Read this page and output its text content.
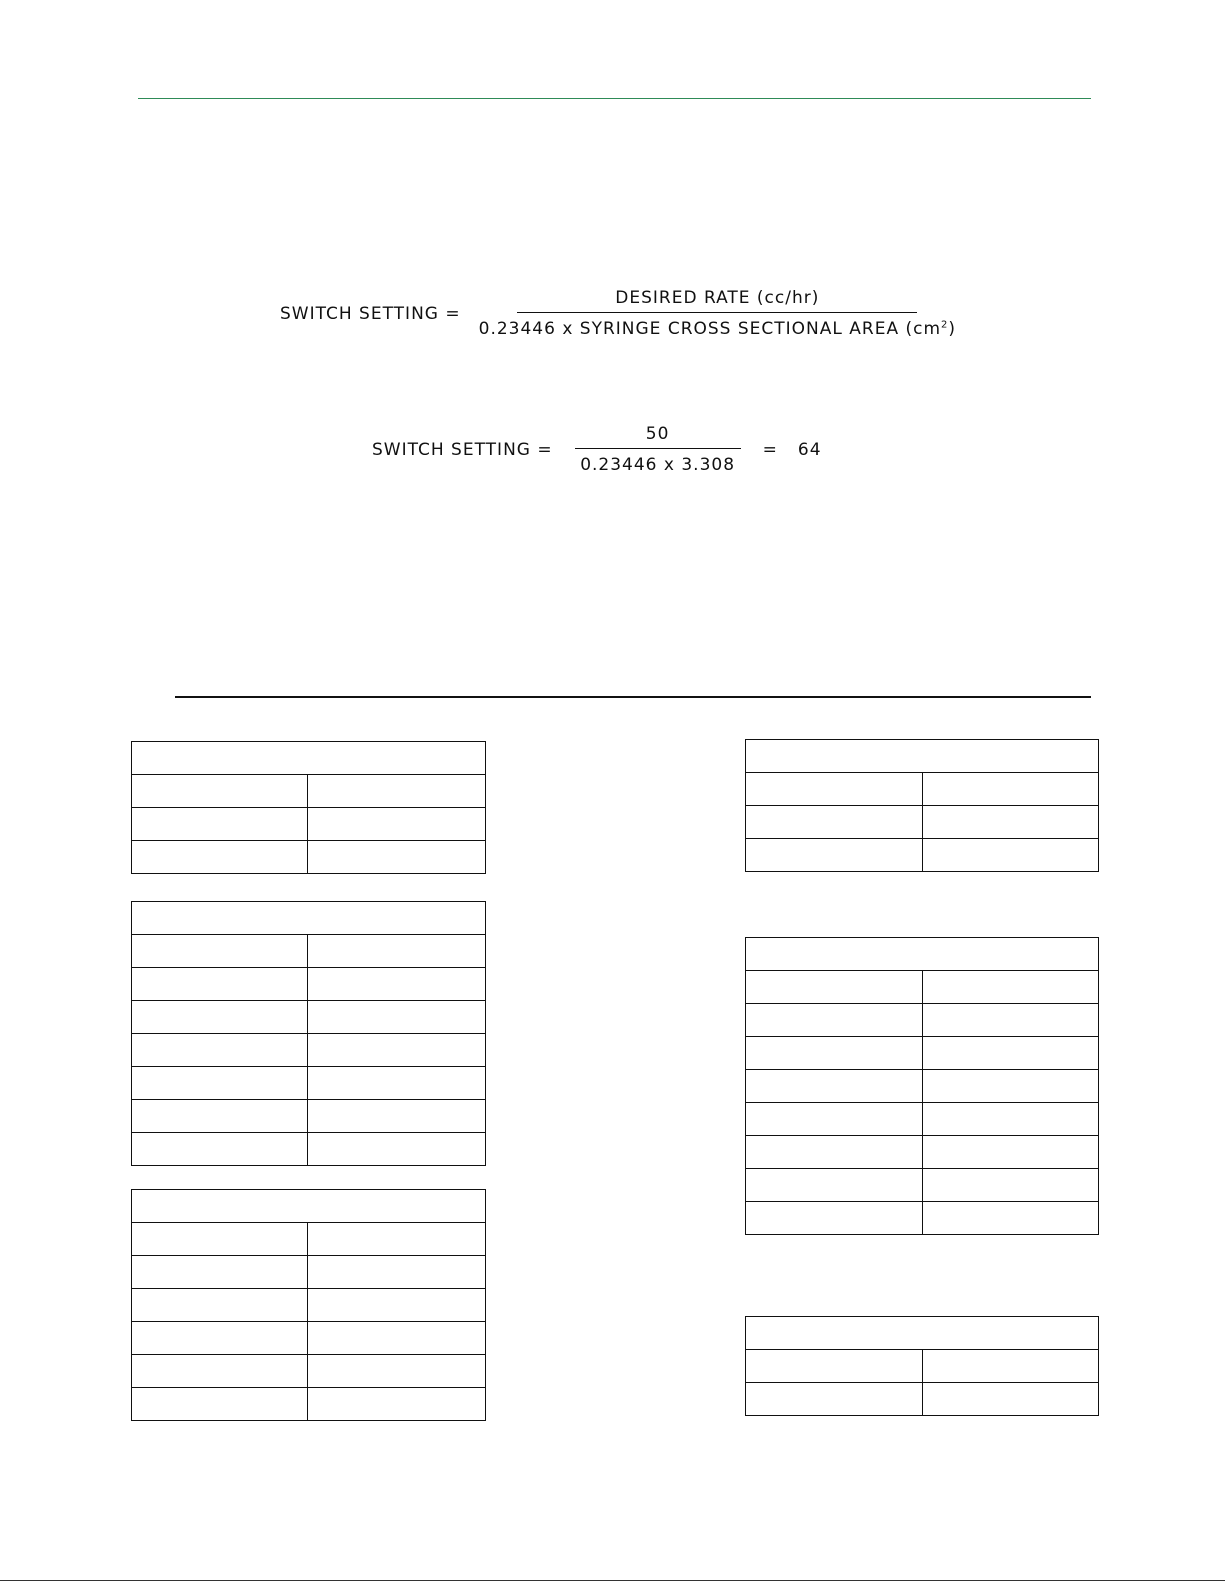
SWITCH SETTING = $\frac{\text{DESIRED RATE (cc/hr)}}{0.23446 x SYRINGE CROSS SECTIONAL AREA (cm^2)}$
SWITCH SETTING = $\frac{50}{0.23446 x 3.308} = 64$
